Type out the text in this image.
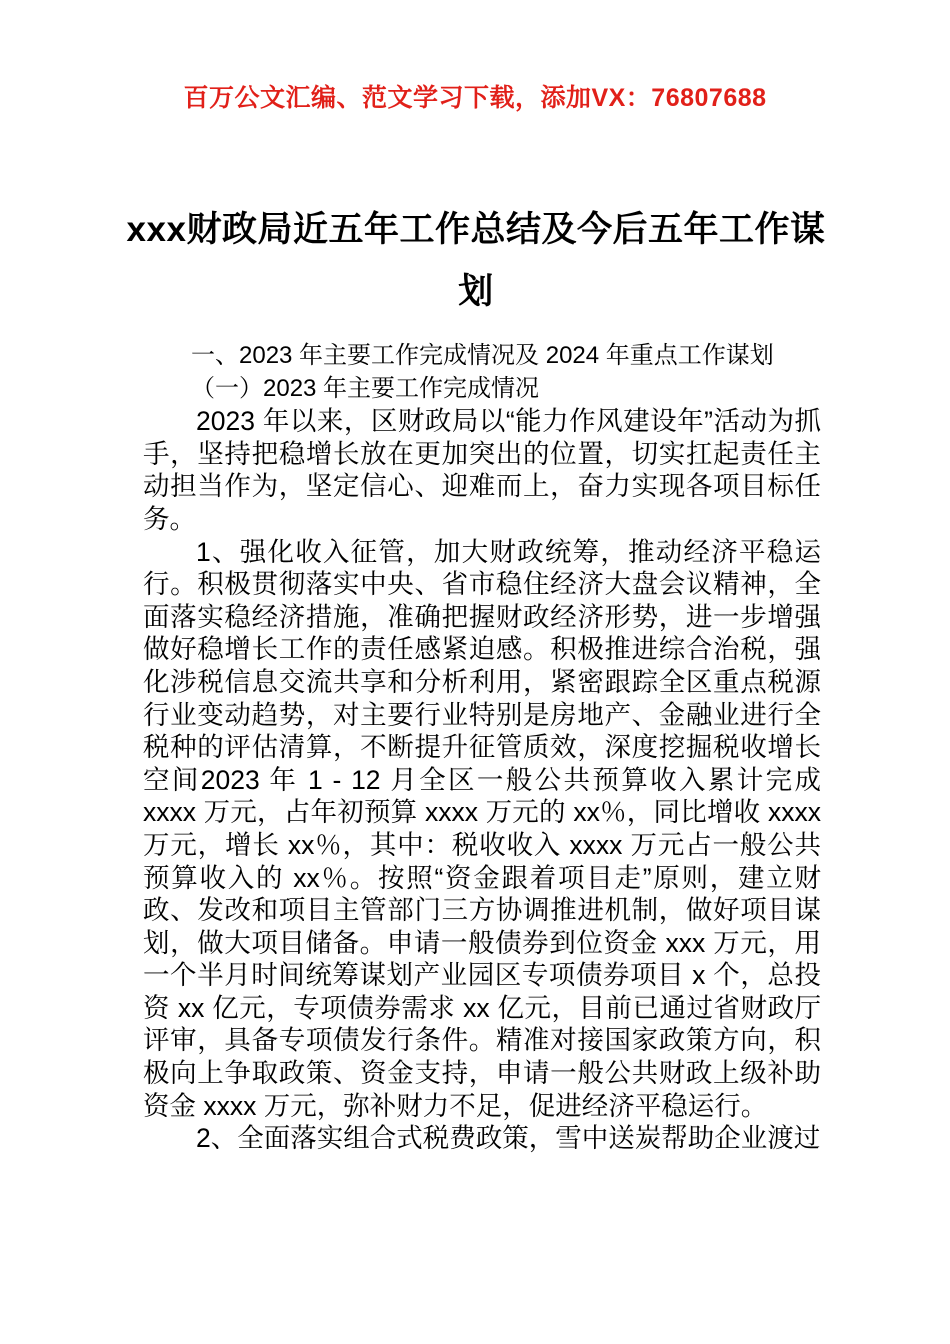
百万公文汇编、范文学习下载，添加VX：76807688
xxx财政局近五年工作总结及今后五年工作谋划

一、2023 年主要工作完成情况及 2024 年重点工作谋划

（一）2023 年主要工作完成情况

2023 年以来，区财政局以“能力作风建设年”活动为抓手，坚持把稳增长放在更加突出的位置，切实扛起责任主动担当作为，坚定信心、迎难而上，奋力实现各项目标任务。

1、强化收入征管，加大财政统筹，推动经济平稳运行。积极贯彻落实中央、省市稳住经济大盘会议精神，全面落实稳经济措施，准确把握财政经济形势，进一步增强做好稳增长工作的责任感紧迫感。积极推进综合治税，强化涉税信息交流共享和分析利用，紧密跟踪全区重点税源行业变动趋势，对主要行业特别是房地产、金融业进行全税种的评估清算，不断提升征管质效，深度挖掘税收增长空间2023 年 1 - 12 月全区一般公共预算收入累计完成 xxxx 万元，占年初预算 xxxx 万元的 xx％，同比增收 xxxx 万元，增长 xx％，其中：税收收入 xxxx 万元占一般公共预算收入的 xx％。按照“资金跟着项目走”原则，建立财政、发改和项目主管部门三方协调推进机制，做好项目谋划，做大项目储备。申请一般债券到位资金 xxx 万元，用一个半月时间统筹谋划产业园区专项债券项目 x 个，总投资 xx 亿元，专项债券需求 xx 亿元，目前已通过省财政厅评审，具备专项债发行条件。精准对接国家政策方向，积极向上争取政策、资金支持，申请一般公共财政上级补助资金 xxxx 万元，弥补财力不足，促进经济平稳运行。

2、全面落实组合式税费政策，雪中送炭帮助企业渡过
